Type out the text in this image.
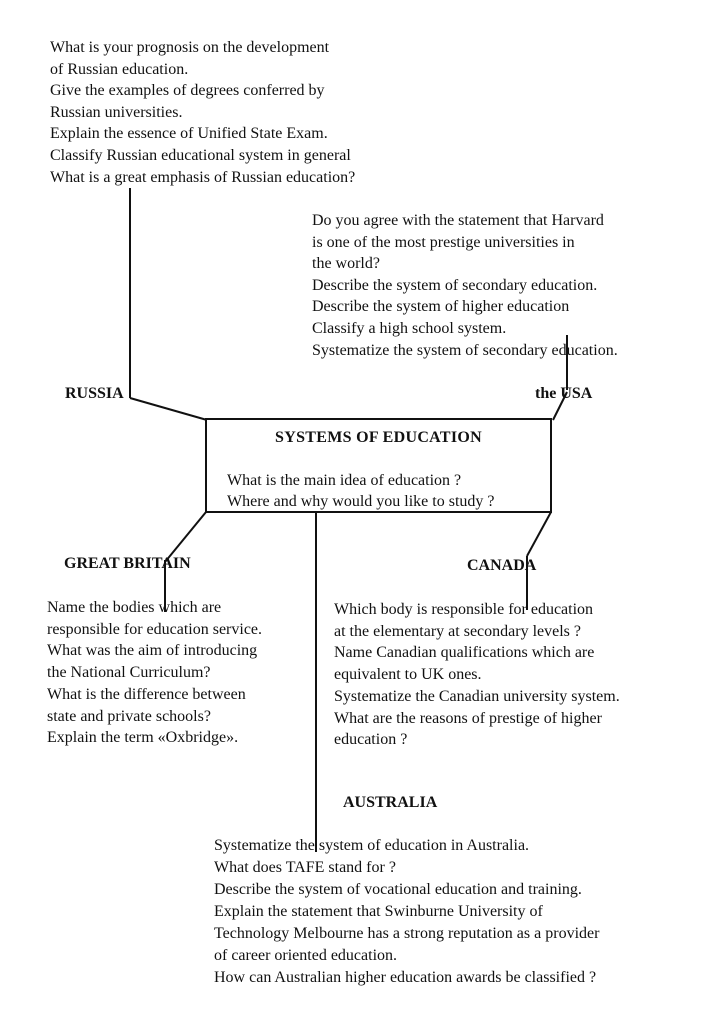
What is your prognosis on the development
of Russian education.
Give the examples of degrees conferred by
Russian universities.
Explain the essence of Unified State Exam.
Classify Russian educational system in general
What is a great emphasis of Russian education?
Do you agree with the statement that Harvard
is one of the most prestige universities in
the world?
Describe the system of secondary education.
Describe the system of higher education
Classify a high school system.
Systematize the system of secondary education.
RUSSIA	the USA
GREAT BRITAIN	CANADA
AUSTRALIA
SYSTEMS OF EDUCATION
What is the main idea of education ?
Where and why would you like to study ?
Name the bodies which are
responsible for education service.
What was the aim of introducing
the National Curriculum?
What is the difference between
state and private schools?
Explain the term «Oxbridge».
Which body is responsible for education
at the elementary at secondary levels ?
Name Canadian qualifications which are
equivalent to UK ones.
Systematize the Canadian university system.
What are the reasons of prestige of higher
education ?
Systematize the system of education in Australia.
What does TAFE stand for ?
Describe the system of vocational education and training.
Explain the statement that Swinburne University of
Technology Melbourne has a strong reputation as a provider
of career oriented education.
How can Australian higher education awards be classified ?
